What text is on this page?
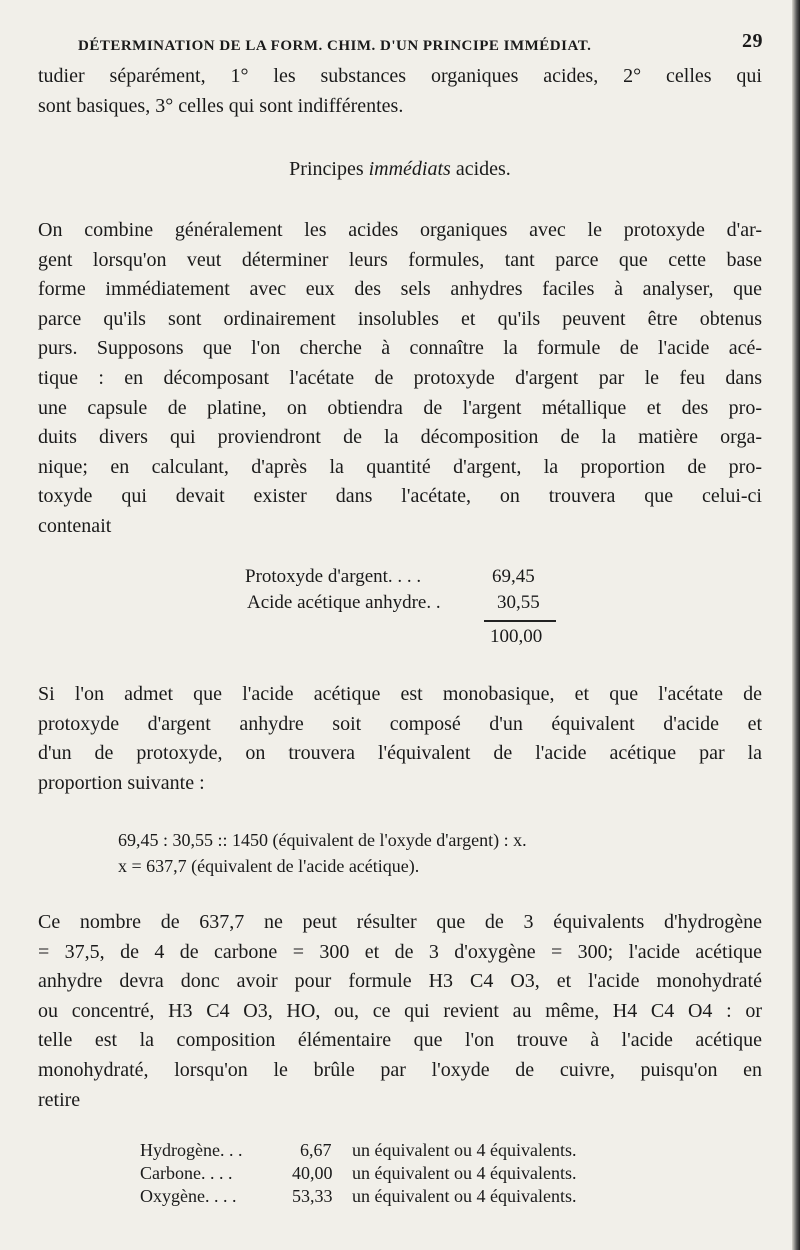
DÉTERMINATION DE LA FORM. CHIM. D'UN PRINCIPE IMMÉDIAT.	29
tudier séparément, 1° les substances organiques acides, 2° celles qui
sont basiques, 3° celles qui sont indifférentes.
Principes immédiats acides.
On combine généralement les acides organiques avec le protoxyde d'ar-
gent lorsqu'on veut déterminer leurs formules, tant parce que cette base
forme immédiatement avec eux des sels anhydres faciles à analyser, que
parce qu'ils sont ordinairement insolubles et qu'ils peuvent être obtenus
purs. Supposons que l'on cherche à connaître la formule de l'acide acé-
tique : en décomposant l'acétate de protoxyde d'argent par le feu dans
une capsule de platine, on obtiendra de l'argent métallique et des pro-
duits divers qui proviendront de la décomposition de la matière orga-
nique; en calculant, d'après la quantité d'argent, la proportion de pro-
toxyde qui devait exister dans l'acétate, on trouvera que celui-ci
contenait
Protoxyde d'argent. . . .	69,45
Acide acétique anhydre. .	30,55
100,00
Si l'on admet que l'acide acétique est monobasique, et que l'acétate de
protoxyde d'argent anhydre soit composé d'un équivalent d'acide et
d'un de protoxyde, on trouvera l'équivalent de l'acide acétique par la
proportion suivante :
69,45 : 30,55 :: 1450 (équivalent de l'oxyde d'argent) : x.
x = 637,7 (équivalent de l'acide acétique).
Ce nombre de 637,7 ne peut résulter que de 3 équivalents d'hydrogène
= 37,5, de 4 de carbone = 300 et de 3 d'oxygène = 300; l'acide acétique
anhydre devra donc avoir pour formule H3 C4 O3, et l'acide monohydraté
ou concentré, H3 C4 O3, HO, ou, ce qui revient au même, H4 C4 O4 : or
telle est la composition élémentaire que l'on trouve à l'acide acétique
monohydraté, lorsqu'on le brûle par l'oxyde de cuivre, puisqu'on en
retire
Hydrogène. . .	6,67 un équivalent ou 4 équivalents.
Carbone. . . .	40,00 un équivalent ou 4 équivalents.
Oxygène. . . .	53,33 un équivalent ou 4 équivalents.
